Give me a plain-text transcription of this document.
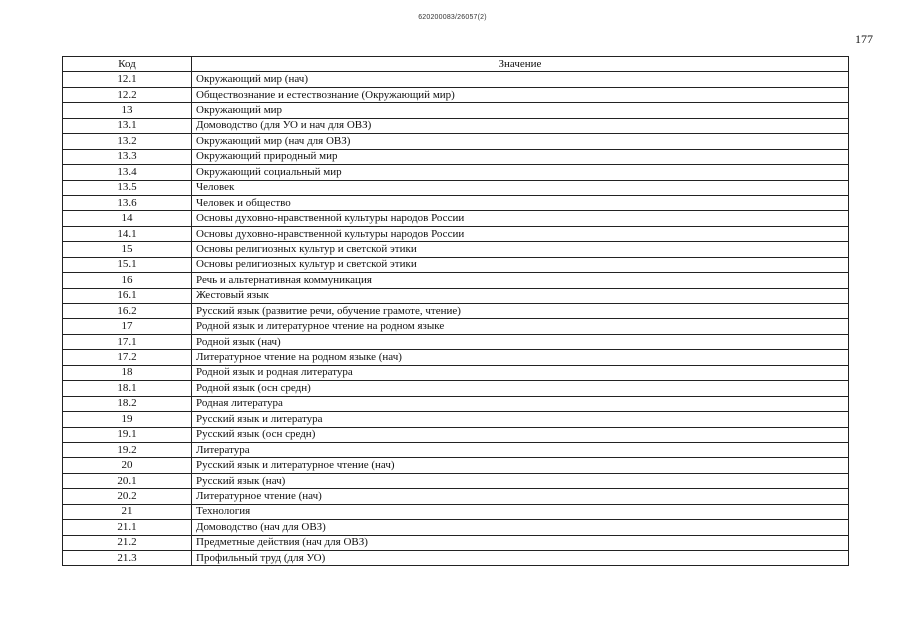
620200083/26057(2)
177
Код	Значение
12.1	Окружающий мир (нач)
12.2	Обществознание и естествознание (Окружающий мир)
13	Окружающий мир
13.1	Домоводство (для УО и нач для ОВЗ)
13.2	Окружающий мир (нач для ОВЗ)
13.3	Окружающий природный мир
13.4	Окружающий социальный мир
13.5	Человек
13.6	Человек и общество
14	Основы духовно-нравственной культуры народов России
14.1	Основы духовно-нравственной культуры народов России
15	Основы религиозных культур и светской этики
15.1	Основы религиозных культур и светской этики
16	Речь и альтернативная коммуникация
16.1	Жестовый язык
16.2	Русский язык (развитие речи, обучение грамоте, чтение)
17	Родной язык и литературное чтение на родном языке
17.1	Родной язык (нач)
17.2	Литературное чтение на родном языке (нач)
18	Родной язык и родная литература
18.1	Родной язык (осн средн)
18.2	Родная литература
19	Русский язык и литература
19.1	Русский язык (осн средн)
19.2	Литература
20	Русский язык и литературное чтение (нач)
20.1	Русский язык (нач)
20.2	Литературное чтение (нач)
21	Технология
21.1	Домоводство (нач для ОВЗ)
21.2	Предметные действия (нач для ОВЗ)
21.3	Профильный труд (для УО)
